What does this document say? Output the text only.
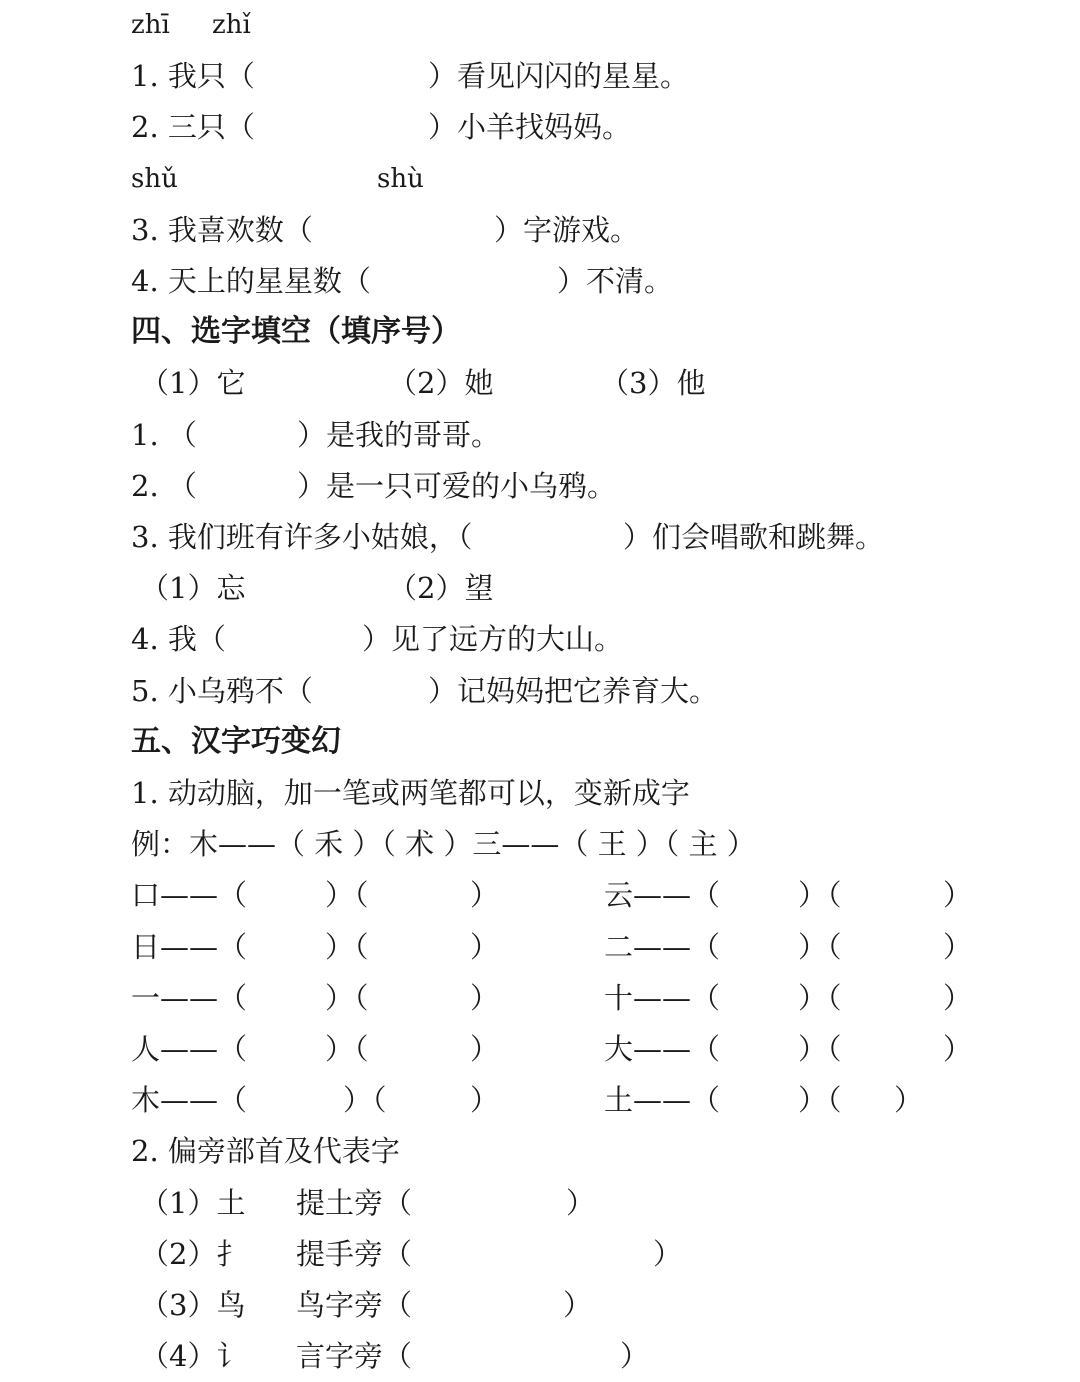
zhī zhǐ
1. 我只（	）看见闪闪的星星。
2. 三只（	）小羊找妈妈。
shǔ	shù
3. 我喜欢数（	）字游戏。
4. 天上的星星数（	）不清。
四、选字填空（填序号）
（1）它	（2）她	（3）他
1. （	）是我的哥哥。
2. （	）是一只可爱的小乌鸦。
3. 我们班有许多小姑娘，（	）们会唱歌和跳舞。
（1）忘	（2）望
4. 我（	）见了远方的大山。
5. 小乌鸦不（	）记妈妈把它养育大。
五、汉字巧变幻
1. 动动脑，加一笔或两笔都可以，变新成字
例：木——（ 禾 ）（ 术 ）三——（ 王 ）（ 主 ）
口——（	）（	）	云——（	）（	）
日——（	）（	）	二——（	）（	）
一——（	）（	）	十——（	）（	）
人——（	）（	）	大——（	）（	）
木——（	）（	）	土——（	）（ ）
2. 偏旁部首及代表字
（1）土 提土旁（	）
（2）扌 提手旁（	）
（3）鸟 鸟字旁（	）
（4）讠 言字旁（	）
